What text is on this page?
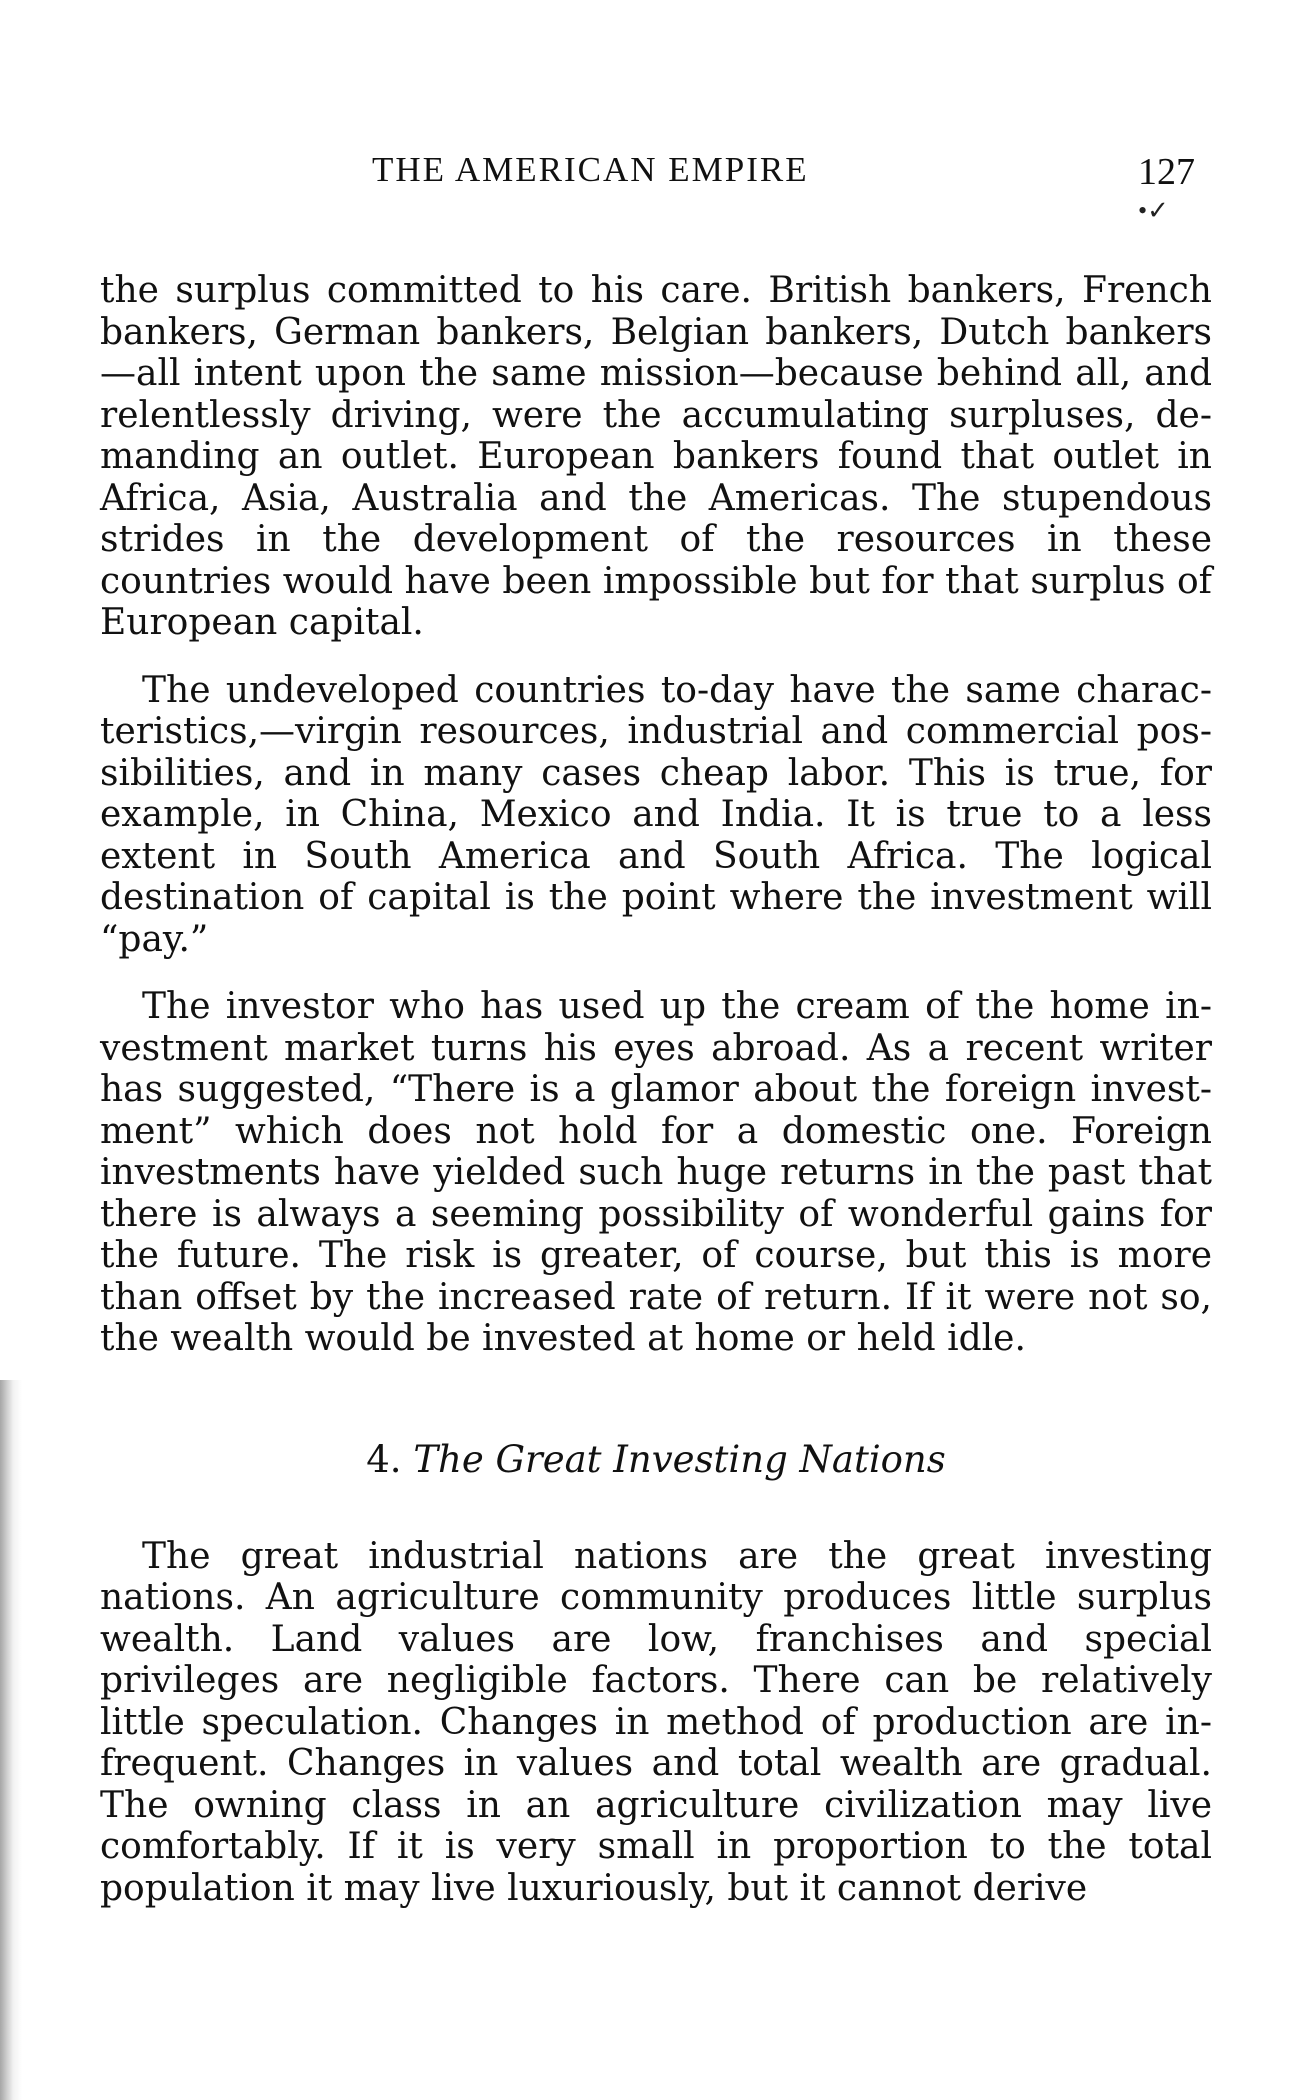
THE AMERICAN EMPIRE	127
•✓

the surplus committed to his care. British bankers, French bankers, German bankers, Belgian bankers, Dutch bankers—all intent upon the same mission—because behind all, and relentlessly driving, were the accumulating surpluses, demanding an outlet. European bankers found that outlet in Africa, Asia, Australia and the Americas. The stupendous strides in the development of the resources in these countries would have been impossible but for that surplus of European capital.

The undeveloped countries to-day have the same characteristics,—virgin resources, industrial and commercial possibilities, and in many cases cheap labor. This is true, for example, in China, Mexico and India. It is true to a less extent in South America and South Africa. The logical destination of capital is the point where the investment will “pay.”

The investor who has used up the cream of the home investment market turns his eyes abroad. As a recent writer has suggested, “There is a glamor about the foreign investment” which does not hold for a domestic one. Foreign investments have yielded such huge returns in the past that there is always a seeming possibility of wonderful gains for the future. The risk is greater, of course, but this is more than offset by the increased rate of return. If it were not so, the wealth would be invested at home or held idle.

4. The Great Investing Nations

The great industrial nations are the great investing nations. An agriculture community produces little surplus wealth. Land values are low, franchises and special privileges are negligible factors. There can be relatively little speculation. Changes in method of production are infrequent. Changes in values and total wealth are gradual. The owning class in an agriculture civilization may live comfortably. If it is very small in proportion to the total population it may live luxuriously, but it cannot derive
